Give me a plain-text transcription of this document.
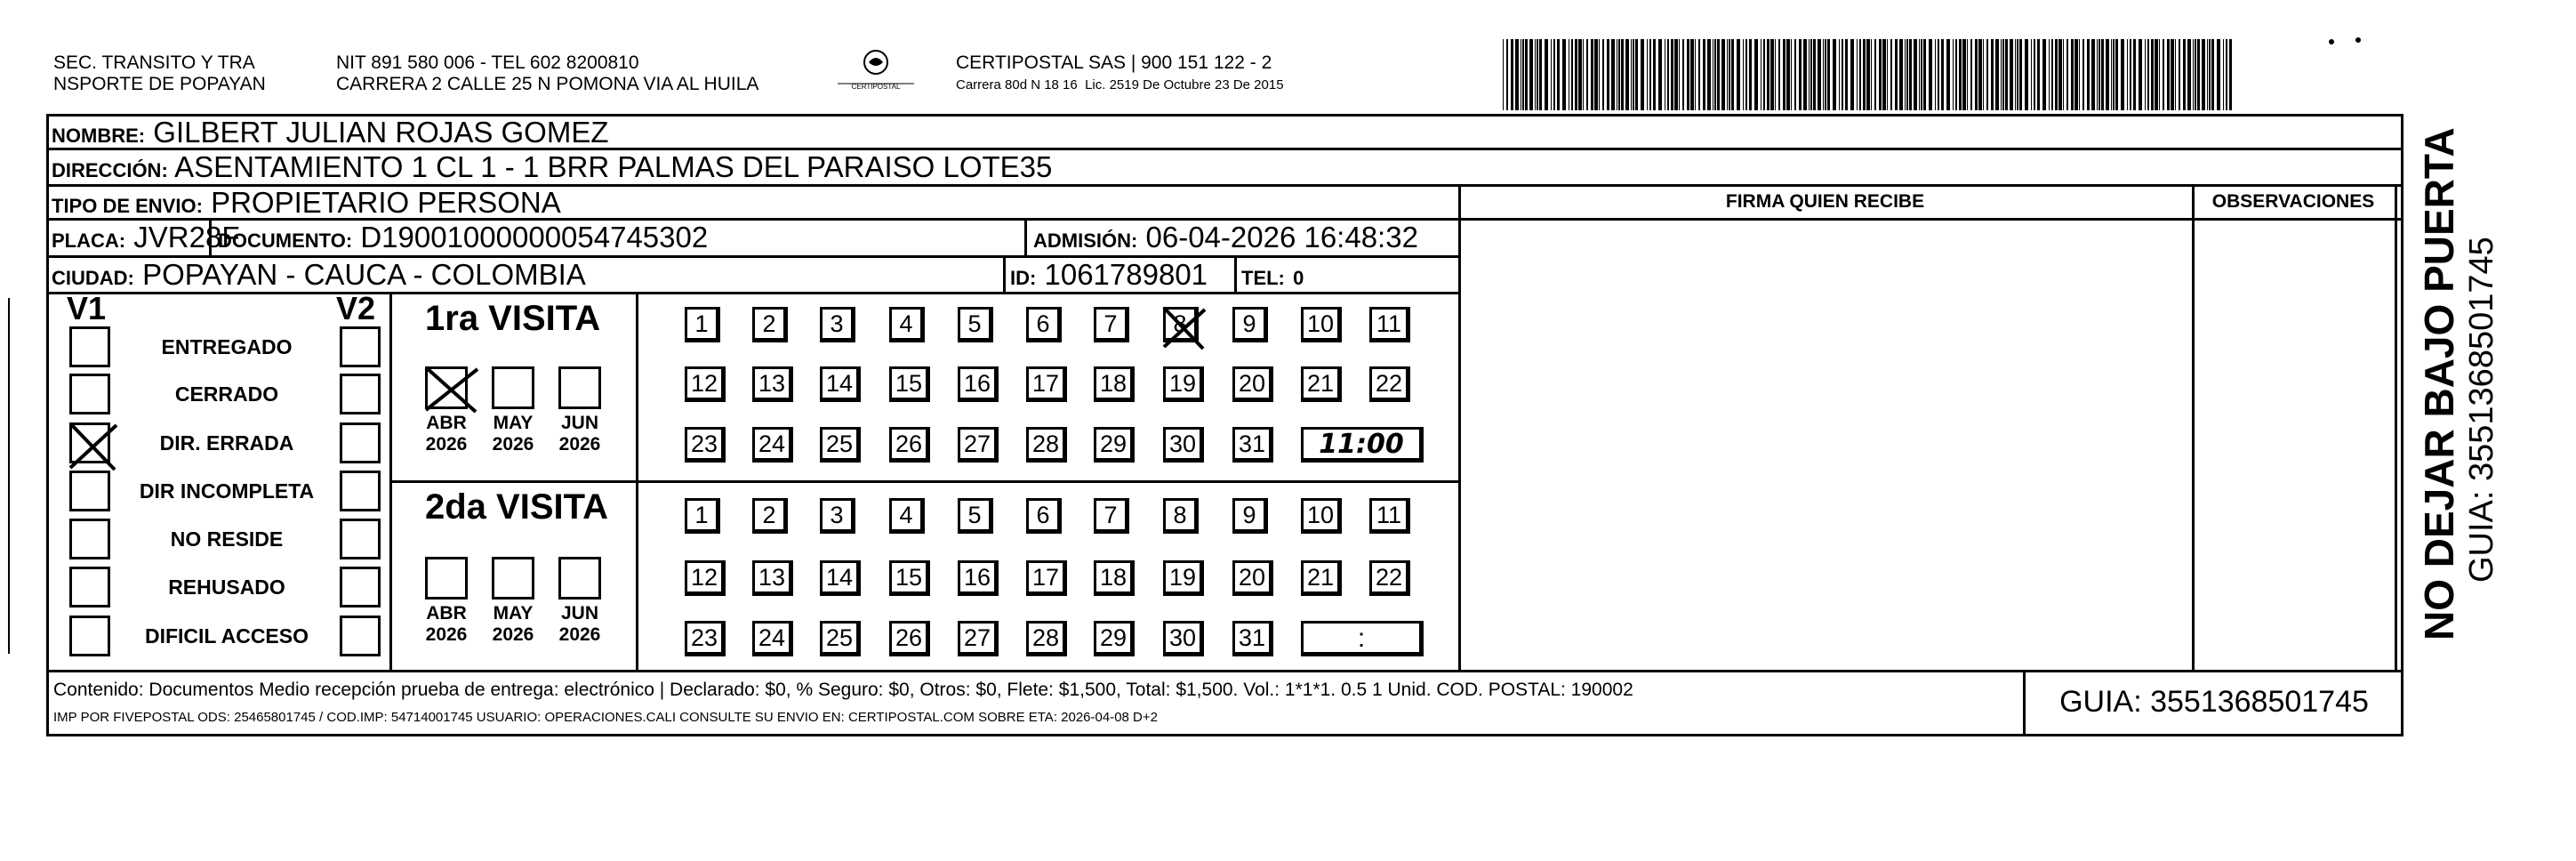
SEC. TRANSITO Y TRA
NSPORTE DE POPAYAN
NIT 891 580 006 - TEL 602 8200810
CARRERA 2 CALLE 25 N POMONA VIA AL HUILA	CERTIPOSTAL
CERTIPOSTAL SAS | 900 151 122 - 2
Carrera 80d N 18 16  Lic. 2519 De Octubre 23 De 2015
NOMBRE: GILBERT JULIAN ROJAS GOMEZ
DIRECCIÓN: ASENTAMIENTO 1 CL 1 - 1 BRR PALMAS DEL PARAISO LOTE35
TIPO DE ENVIO: PROPIETARIO PERSONA	FIRMA QUIEN RECIBE	OBSERVACIONES
PLACA: JVR28F
DOCUMENTO: D19001000000054745302	ADMISIÓN: 06-04-2026 16:48:32
CIUDAD: POPAYAN - CAUCA - COLOMBIA	ID: 1061789801 TEL: 0
V1	V2
ENTREGADO
CERRADO
DIR. ERRADA
DIR INCOMPLETA
NO RESIDE
REHUSADO
DIFICIL ACCESO
1ra VISITA
ABR
2026
MAY
2026
JUN
2026
1	2	3	4	5	6	7	8	9	10	11
12	13	14	15	16	17	18	19	20	21	22
23	24	25	26	27	28	29	30	31	11:00
2da VISITA
ABR
2026
MAY
2026
JUN
2026
1	2	3	4	5	6	7	8	9	10	11
12	13	14	15	16	17	18	19	20	21	22
23	24	25	26	27	28	29	30	31	:
Contenido: Documentos Medio recepción prueba de entrega: electrónico | Declarado: $0, % Seguro: $0, Otros: $0, Flete: $1,500, Total: $1,500. Vol.: 1*1*1. 0.5 1 Unid. COD. POSTAL: 190002
IMP POR FIVEPOSTAL ODS: 25465801745 / COD.IMP: 54714001745 USUARIO: OPERACIONES.CALI CONSULTE SU ENVIO EN: CERTIPOSTAL.COM SOBRE ETA: 2026-04-08 D+2	GUIA: 3551368501745
NO DEJAR BAJO PUERTA GUIA: 3551368501745
